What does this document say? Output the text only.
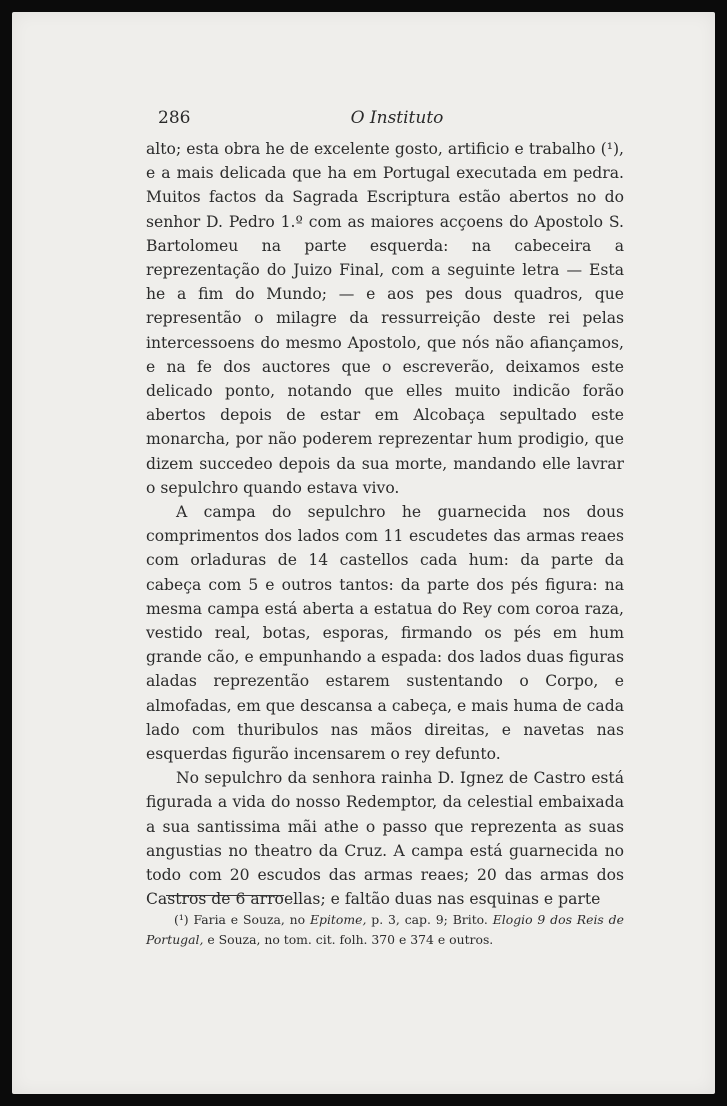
286	O Instituto

alto; esta obra he de excelente gosto, artificio e trabalho (¹), e a mais delicada que ha em Portugal executada em pedra. Muitos factos da Sagrada Escriptura estão abertos no do senhor D. Pedro 1.º com as maiores acçoens do Apostolo S. Bartolomeu na parte esquerda: na cabeceira a reprezentação do Juizo Final, com a seguinte letra — Esta he a fim do Mundo; — e aos pes dous quadros, que representão o milagre da ressurreição deste rei pelas intercessoens do mesmo Apostolo, que nós não afiançamos, e na fe dos auctores que o escreverão, deixamos este delicado ponto, notando que elles muito indicão forão abertos depois de estar em Alcobaça sepultado este monarcha, por não poderem reprezentar hum prodigio, que dizem succedeo depois da sua morte, mandando elle lavrar o sepulchro quando estava vivo.

A campa do sepulchro he guarnecida nos dous comprimentos dos lados com 11 escudetes das armas reaes com orladuras de 14 castellos cada hum: da parte da cabeça com 5 e outros tantos: da parte dos pés figura: na mesma campa está aberta a estatua do Rey com coroa raza, vestido real, botas, esporas, firmando os pés em hum grande cão, e empunhando a espada: dos lados duas figuras aladas reprezentão estarem sustentando o Corpo, e almofadas, em que descansa a cabeça, e mais huma de cada lado com thuribulos nas mãos direitas, e navetas nas esquerdas figurão incensarem o rey defunto.

No sepulchro da senhora rainha D. Ignez de Castro está figurada a vida do nosso Redemptor, da celestial embaixada a sua santissima mãi athe o passo que reprezenta as suas angustias no theatro da Cruz. A campa está guarnecida no todo com 20 escudos das armas reaes; 20 das armas dos Castros de 6 arroellas; e faltão duas nas esquinas e parte

(¹) Faria e Souza, no Epitome, p. 3, cap. 9; Brito. Elogio 9 dos Reis de Portugal, e Souza, no tom. cit. folh. 370 e 374 e outros.
